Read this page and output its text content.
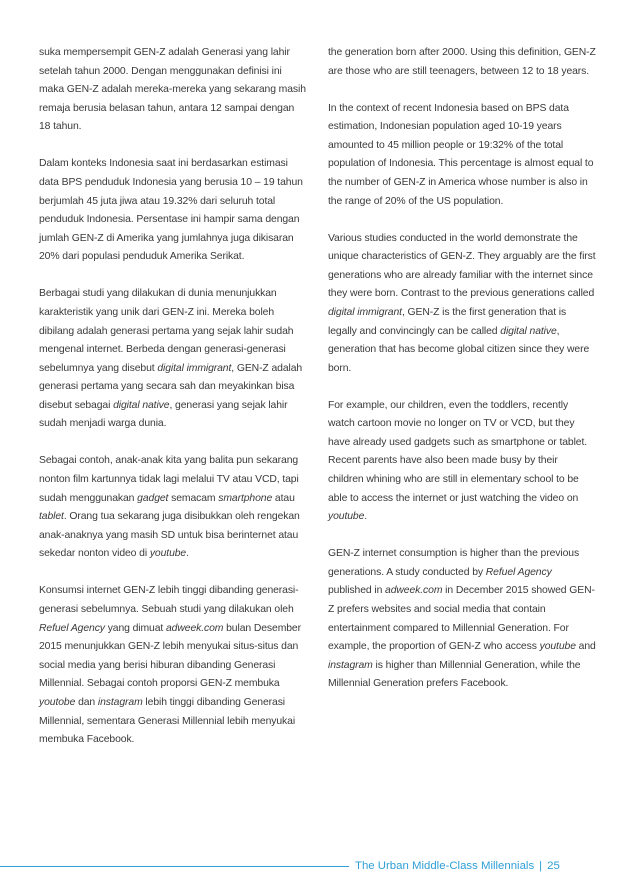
suka mempersempit GEN-Z adalah Generasi yang lahir setelah tahun 2000. Dengan menggunakan definisi ini maka GEN-Z adalah mereka-mereka yang sekarang masih remaja berusia belasan tahun, antara 12 sampai dengan 18 tahun.

Dalam konteks Indonesia saat ini berdasarkan estimasi data BPS penduduk Indonesia yang berusia 10 – 19 tahun berjumlah 45 juta jiwa atau 19.32% dari seluruh total penduduk Indonesia. Persentase ini hampir sama dengan jumlah GEN-Z di Amerika yang jumlahnya juga dikisaran 20% dari populasi penduduk Amerika Serikat.

Berbagai studi yang dilakukan di dunia menunjukkan karakteristik yang unik dari GEN-Z ini. Mereka boleh dibilang adalah generasi pertama yang sejak lahir sudah mengenal internet. Berbeda dengan generasi-generasi sebelumnya yang disebut digital immigrant, GEN-Z adalah generasi pertama yang secara sah dan meyakinkan bisa disebut sebagai digital native, generasi yang sejak lahir sudah menjadi warga dunia.

Sebagai contoh, anak-anak kita yang balita pun sekarang nonton film kartunnya tidak lagi melalui TV atau VCD, tapi sudah menggunakan gadget semacam smartphone atau tablet. Orang tua sekarang juga disibukkan oleh rengekan anak-anaknya yang masih SD untuk bisa berinternet atau sekedar nonton video di youtube.

Konsumsi internet GEN-Z lebih tinggi dibanding generasi-generasi sebelumnya. Sebuah studi yang dilakukan oleh Refuel Agency yang dimuat adweek.com bulan Desember 2015 menunjukkan GEN-Z lebih menyukai situs-situs dan social media yang berisi hiburan dibanding Generasi Millennial. Sebagai contoh proporsi GEN-Z membuka youtobe dan instagram lebih tinggi dibanding Generasi Millennial, sementara Generasi Millennial lebih menyukai membuka Facebook.

the generation born after 2000. Using this definition, GEN-Z are those who are still teenagers, between 12 to 18 years.

In the context of recent Indonesia based on BPS data estimation, Indonesian population aged 10-19 years amounted to 45 million people or 19:32% of the total population of Indonesia. This percentage is almost equal to the number of GEN-Z in America whose number is also in the range of 20% of the US population.

Various studies conducted in the world demonstrate the unique characteristics of GEN-Z. They arguably are the first generations who are already familiar with the internet since they were born. Contrast to the previous generations called digital immigrant, GEN-Z is the first generation that is legally and convincingly can be called digital native, generation that has become global citizen since they were born.

For example, our children, even the toddlers, recently watch cartoon movie no longer on TV or VCD, but they have already used gadgets such as smartphone or tablet. Recent parents have also been made busy by their children whining who are still in elementary school to be able to access the internet or just watching the video on youtube.

GEN-Z internet consumption is higher than the previous generations. A study conducted by Refuel Agency published in adweek.com in December 2015 showed GEN-Z prefers websites and social media that contain entertainment compared to Millennial Generation. For example, the proportion of GEN-Z who access youtube and instagram is higher than Millennial Generation, while the Millennial Generation prefers Facebook.

The Urban Middle-Class Millennials | 25
